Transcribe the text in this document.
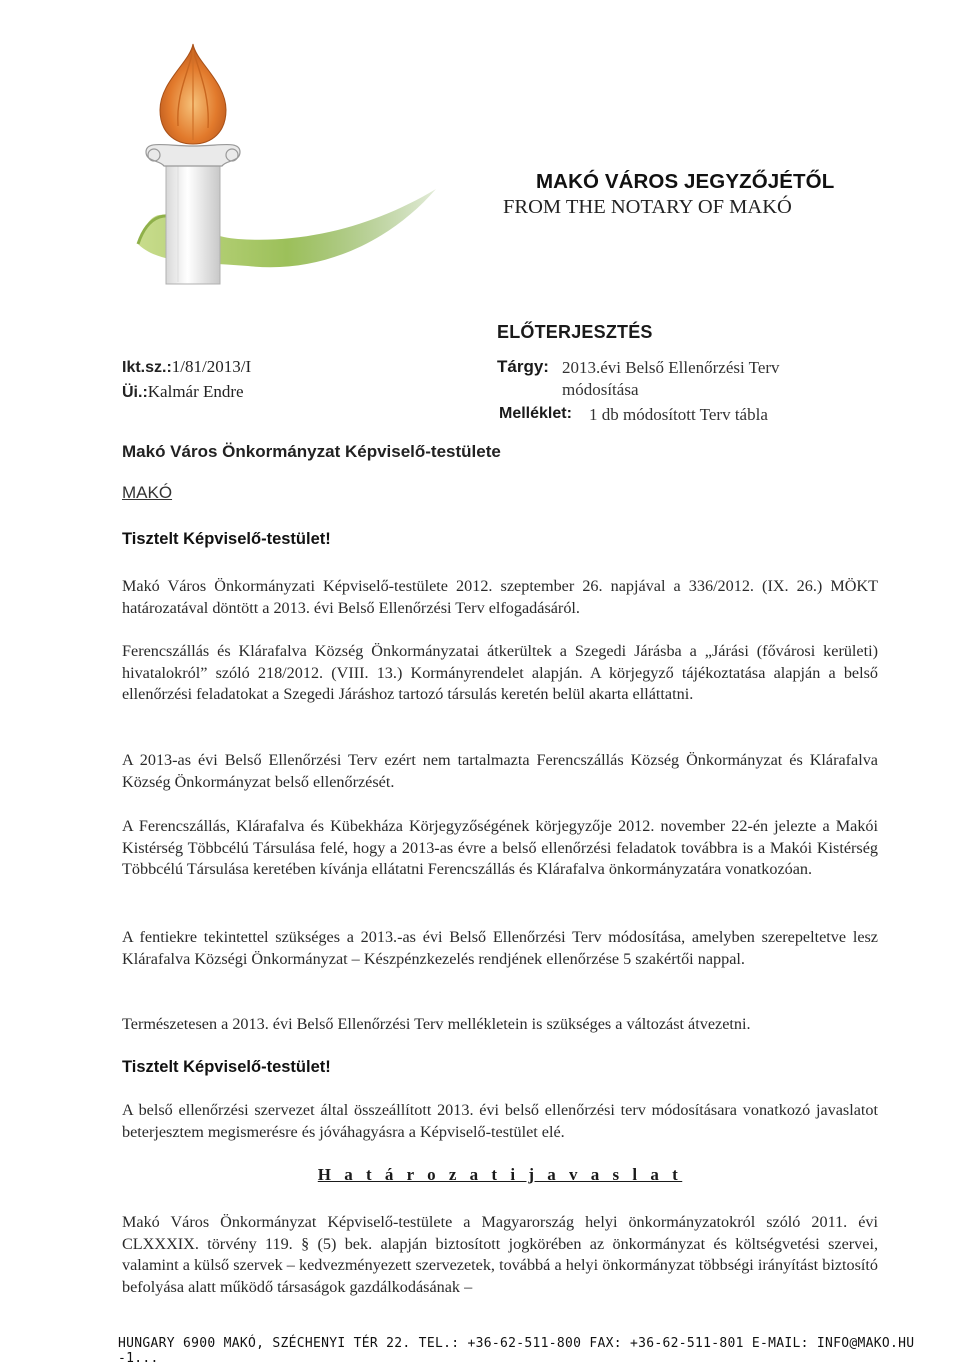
MAKÓ VÁROS JEGYZŐJÉTŐL
FROM THE NOTARY OF MAKÓ
Ikt.sz.:1/81/2013/I
Üi.:Kalmár Endre
ELŐTERJESZTÉS
Tárgy: 2013.évi Belső Ellenőrzési Terv
módosítása
Melléklet: 1 db módosított Terv tábla
Makó Város Önkormányzat Képviselő-testülete
MAKÓ
Tisztelt Képviselő-testület!
Makó Város Önkormányzati Képviselő-testülete 2012. szeptember 26. napjával a 336/2012. (IX. 26.) MÖKT határozatával döntött a 2013. évi Belső Ellenőrzési Terv elfogadásáról.
Ferencszállás és Klárafalva Község Önkormányzatai átkerültek a Szegedi Járásba a „Járási (fővárosi kerületi) hivatalokról” szóló 218/2012. (VIII. 13.) Kormányrendelet alapján. A körjegyző tájékoztatása alapján a belső ellenőrzési feladatokat a Szegedi Járáshoz tartozó társulás keretén belül akarta elláttatni.
A 2013-as évi Belső Ellenőrzési Terv ezért nem tartalmazta Ferencszállás Község Önkormányzat és Klárafalva Község Önkormányzat belső ellenőrzését.
A Ferencszállás, Klárafalva és Kübekháza Körjegyzőségének körjegyzője 2012. november 22-én jelezte a Makói Kistérség Többcélú Társulása felé, hogy a 2013-as évre a belső ellenőrzési feladatok továbbra is a Makói Kistérség Többcélú Társulása keretében kívánja ellátatni Ferencszállás és Klárafalva önkormányzatára vonatkozóan.
A fentiekre tekintettel szükséges a 2013.-as évi Belső Ellenőrzési Terv módosítása, amelyben szerepeltetve lesz Klárafalva Községi Önkormányzat – Készpénzkezelés rendjének ellenőrzése 5 szakértői nappal.
Természetesen a 2013. évi Belső Ellenőrzési Terv mellékletein is szükséges a változást átvezetni.
Tisztelt Képviselő-testület!
A belső ellenőrzési szervezet által összeállított 2013. évi belső ellenőrzési terv módosításara vonatkozó javaslatot beterjesztem megismerésre és jóváhagyásra a Képviselő-testület elé.
H a t á r o z a t i j a v a s l a t
Makó Város Önkormányzat Képviselő-testülete a Magyarország helyi önkormányzatokról szóló 2011. évi CLXXXIX. törvény 119. § (5) bek. alapján biztosított jogkörében az önkormányzat és költségvetési szervei, valamint a külső szervek – kedvezményezett szervezetek, továbbá a helyi önkormányzat többségi irányítást biztosító befolyása alatt működő társaságok gazdálkodásának –
HUNGARY 6900 MAKÓ, SZÉCHENYI TÉR 22. TEL.: +36-62-511-800 FAX: +36-62-511-801 E-MAIL: INFO@MAKO.HU -1...
